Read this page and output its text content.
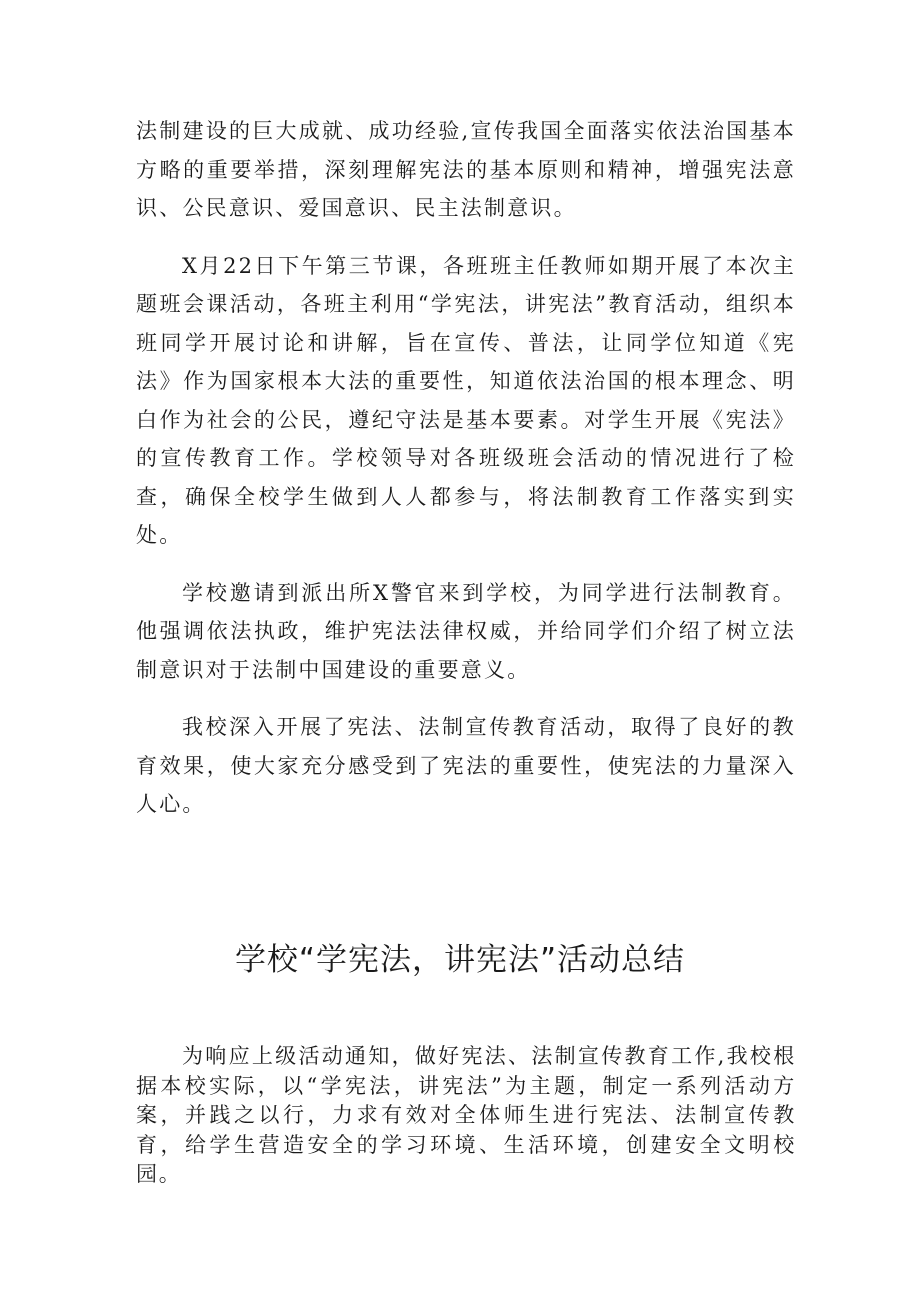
法制建设的巨大成就、成功经验,宣传我国全面落实依法治国基本方略的重要举措，深刻理解宪法的基本原则和精神，增强宪法意识、公民意识、爱国意识、民主法制意识。

X月22日下午第三节课，各班班主任教师如期开展了本次主题班会课活动，各班主利用“学宪法，讲宪法”教育活动，组织本班同学开展讨论和讲解，旨在宣传、普法，让同学位知道《宪法》作为国家根本大法的重要性，知道依法治国的根本理念、明白作为社会的公民，遵纪守法是基本要素。对学生开展《宪法》的宣传教育工作。学校领导对各班级班会活动的情况进行了检查，确保全校学生做到人人都参与，将法制教育工作落实到实处。

学校邀请到派出所X警官来到学校，为同学进行法制教育。他强调依法执政，维护宪法法律权威，并给同学们介绍了树立法制意识对于法制中国建设的重要意义。

我校深入开展了宪法、法制宣传教育活动，取得了良好的教育效果，使大家充分感受到了宪法的重要性，使宪法的力量深入人心。

学校“学宪法，讲宪法”活动总结

为响应上级活动通知，做好宪法、法制宣传教育工作,我校根据本校实际，以“学宪法，讲宪法”为主题，制定一系列活动方案，并践之以行，力求有效对全体师生进行宪法、法制宣传教育，给学生营造安全的学习环境、生活环境，创建安全文明校园。
